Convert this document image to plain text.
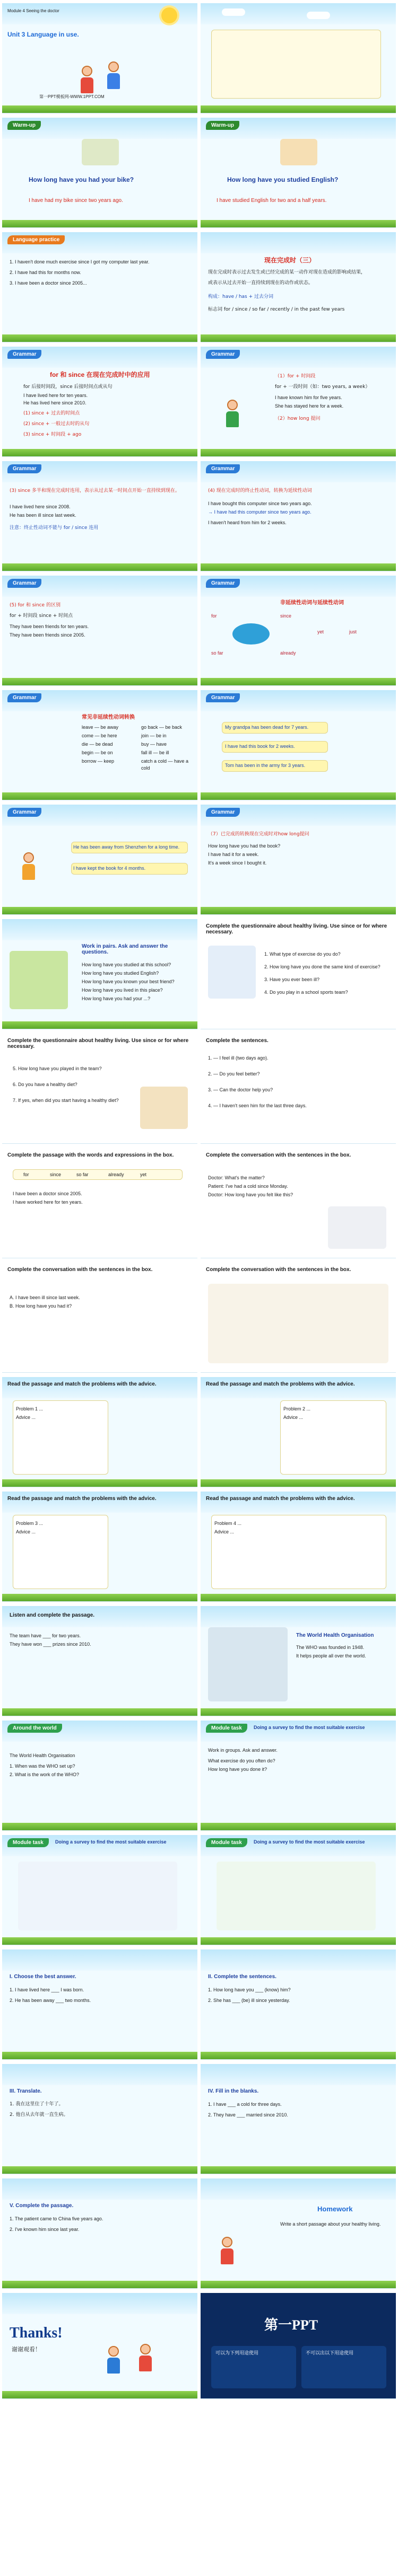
Module 4 Seeing the doctor
Unit 3 Language in use.
第一PPT模板网-WWW.1PPT.COM
Warm-up
How long have you had your bike?
I have had my bike since two years ago.
Warm-up
How long have you studied English?
I have studied English for two and a half years.
Language practice
1. I haven't done much exercise since I got my computer last year.
2. I have had this for months now.
3. I have been a doctor since 2005...
现在完成时（三）
现在完成时表示过去发生或已经完成的某一动作对现在造成的影响或结果，
或表示从过去开始一直持续到现在的动作或状态。
构成：have / has + 过去分词
标志词 for / since / so far / recently / in the past few years
Grammar
for 和 since 在现在完成时中的应用
for 后接时间段，since 后接时间点或从句
I have lived here for ten years.
He has lived here since 2010.
(1) since + 过去的时间点
(2) since + 一般过去时的从句
(3) since + 时间段 + ago
Grammar
（1）for + 时间段
for + 一段时间（如：two years, a week）
I have known him for five years.
She has stayed here for a week.
（2）how long 提问
Grammar
(3) since 多半和现在完成时连用，表示从过去某一时间点开始一直持续到现在。
I have lived here since 2008.
He has been ill since last week.
注意：终止性动词不能与 for / since 连用
Grammar
(4) 现在完成时的终止性动词，转换为延续性动词
I have bought this computer since two years ago.
→ I have had this computer since two years ago.
I haven't heard from him for 2 weeks.
Grammar
(5) for 和 since 的区别
for + 时间段 since + 时间点
They have been friends for ten years.
They have been friends since 2005.
Grammar
非延续性动词与延续性动词
for	since
so far	already
yet	just
Grammar
常见非延续性动词转换
leave — be away
come — be here
die — be dead
begin — be on
borrow — keep
go back — be back
join — be in
buy — have
fall ill — be ill
catch a cold — have a cold
Grammar
My grandpa has been dead for 7 years.
I have had this book for 2 weeks.
Tom has been in the army for 3 years.
Grammar
He has been away from Shenzhen for a long time.
I have kept the book for 4 months.
Grammar
（7）已完成的转换现在完成时对how long提问
How long have you had the book?
I have had it for a week.
It's a week since I bought it.
Work in pairs. Ask and answer the questions.
How long have you studied at this school?
How long have you studied English?
How long have you known your best friend?
How long have you lived in this place?
How long have you had your ...?
Complete the questionnaire about healthy living. Use since or for where necessary.
1. What type of exercise do you do?
2. How long have you done the same kind of exercise?
3. Have you ever been ill?
4. Do you play in a school sports team?
Complete the questionnaire about healthy living. Use since or for where necessary.
5. How long have you played in the team?
6. Do you have a healthy diet?
7. If yes, when did you start having a healthy diet?
Complete the sentences.
1. — I feel ill (two days ago).
2. — Do you feel better?
3. — Can the doctor help you?
4. — I haven't seen him for the last three days.
Complete the passage with the words and expressions in the box.
for	since	so far	already	yet
I have been a doctor since 2005.
I have worked here for ten years.
Complete the conversation with the sentences in the box.
Doctor: What's the matter?
Patient: I've had a cold since Monday.
Doctor: How long have you felt like this?
Complete the conversation with the sentences in the box.
A. I have been ill since last week.
B. How long have you had it?
Complete the conversation with the sentences in the box.
Read the passage and match the problems with the advice.
Problem 1 ...
Advice ...
Read the passage and match the problems with the advice.
Problem 2 ...
Advice ...
Read the passage and match the problems with the advice.
Problem 3 ...
Advice ...
Read the passage and match the problems with the advice.
Problem 4 ...
Advice ...
Listen and complete the passage.
The team have ___ for two years.
They have won ___ prizes since 2010.
The World Health Organisation
The WHO was founded in 1948.
It helps people all over the world.
Around the world
The World Health Organisation
1. When was the WHO set up?
2. What is the work of the WHO?
Module task	Doing a survey to find the most suitable exercise
Work in groups. Ask and answer.
What exercise do you often do?
How long have you done it?
Module task	Doing a survey to find the most suitable exercise	Module task	Doing a survey to find the most suitable exercise
I. Choose the best answer.
1. I have lived here ___ I was born.
2. He has been away ___ two months.
II. Complete the sentences.
1. How long have you ___ (know) him?
2. She has ___ (be) ill since yesterday.
III. Translate.
1. 我在这里住了十年了。
2. 他自从去年就一直生病。
IV. Fill in the blanks.
1. I have ___ a cold for three days.
2. They have ___ married since 2010.
V. Complete the passage.
1. The patient came to China five years ago.
2. I've known him since last year.
Homework
Write a short passage about your healthy living.
Thanks!
谢谢观看！
第一PPT
可以为下列用途使用	不可以出以下用途使用
